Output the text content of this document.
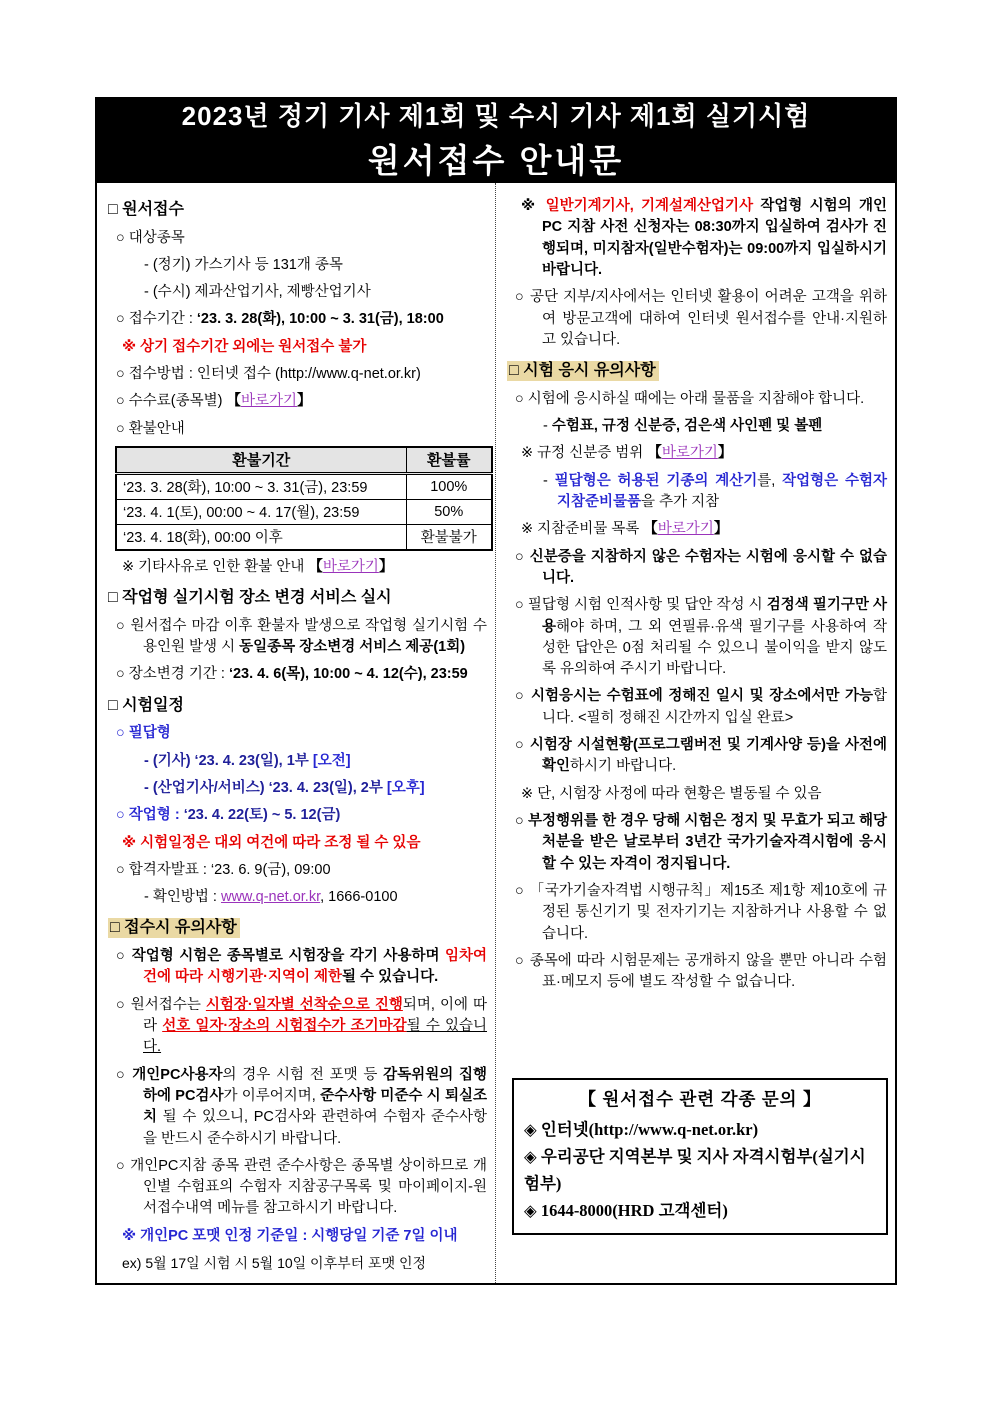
2023년 정기 기사 제1회 및 수시 기사 제1회 실기시험
원서접수 안내문
□ 원서접수
○ 대상종목
- (정기) 가스기사 등 131개 종목
- (수시) 제과산업기사, 제빵산업기사
○ 접수기간 : ‘23. 3. 28(화), 10:00 ~ 3. 31(금), 18:00
※ 상기 접수기간 외에는 원서접수 불가
○ 접수방법 : 인터넷 접수 (http://www.q-net.or.kr)
○ 수수료(종목별) 【바로가기】
○ 환불안내
환불기간	환불률
‘23. 3. 28(화), 10:00 ~ 3. 31(금), 23:59	100%
‘23. 4. 1(토), 00:00 ~ 4. 17(월), 23:59	50%
‘23. 4. 18(화), 00:00 이후	환불불가
※ 기타사유로 인한 환불 안내 【바로가기】
□ 작업형 실기시험 장소 변경 서비스 실시
○ 원서접수 마감 이후 환불자 발생으로 작업형 실기시험 수용인원 발생 시 동일종목 장소변경 서비스 제공(1회)
○ 장소변경 기간 : ‘23. 4. 6(목), 10:00 ~ 4. 12(수), 23:59
□ 시험일정
○ 필답형
- (기사) ‘23. 4. 23(일), 1부 [오전]
- (산업기사/서비스) ‘23. 4. 23(일), 2부 [오후]
○ 작업형 : ‘23. 4. 22(토) ~ 5. 12(금)
※ 시험일정은 대외 여건에 따라 조정 될 수 있음
○ 합격자발표 : ‘23. 6. 9(금), 09:00
- 확인방법 : www.q-net.or.kr, 1666-0100
□ 접수시 유의사항
○ 작업형 시험은 종목별로 시험장을 각기 사용하며 임차여건에 따라 시행기관·지역이 제한될 수 있습니다.
○ 원서접수는 시험장·일자별 선착순으로 진행되며, 이에 따라 선호 일자·장소의 시험접수가 조기마감될 수 있습니다.
○ 개인PC사용자의 경우 시험 전 포맷 등 감독위원의 집행 하에 PC검사가 이루어지며, 준수사항 미준수 시 퇴실조치 될 수 있으니, PC검사와 관련하여 수험자 준수사항을 반드시 준수하시기 바랍니다.
○ 개인PC지참 종목 관련 준수사항은 종목별 상이하므로 개인별 수험표의 수험자 지참공구목록 및 마이페이지-원서접수내역 메뉴를 참고하시기 바랍니다.
※ 개인PC 포맷 인정 기준일 : 시행당일 기준 7일 이내
ex) 5월 17일 시험 시 5월 10일 이후부터 포맷 인정
※ 일반기계기사, 기계설계산업기사 작업형 시험의 개인PC 지참 사전 신청자는 08:30까지 입실하여 검사가 진행되며, 미지참자(일반수험자)는 09:00까지 입실하시기 바랍니다.
○ 공단 지부/지사에서는 인터넷 활용이 어려운 고객을 위하여 방문고객에 대하여 인터넷 원서접수를 안내·지원하고 있습니다.
□ 시험 응시 유의사항
○ 시험에 응시하실 때에는 아래 물품을 지참해야 합니다.
- 수험표, 규정 신분증, 검은색 사인펜 및 볼펜
※ 규정 신분증 범위 【바로가기】
- 필답형은 허용된 기종의 계산기를, 작업형은 수험자 지참준비물품을 추가 지참
※ 지참준비물 목록 【바로가기】
○ 신분증을 지참하지 않은 수험자는 시험에 응시할 수 없습니다.
○ 필답형 시험 인적사항 및 답안 작성 시 검정색 필기구만 사용해야 하며, 그 외 연필류·유색 필기구를 사용하여 작성한 답안은 0점 처리될 수 있으니 불이익을 받지 않도록 유의하여 주시기 바랍니다.
○ 시험응시는 수험표에 정해진 일시 및 장소에서만 가능합니다. <필히 정해진 시간까지 입실 완료>
○ 시험장 시설현황(프로그램버전 및 기계사양 등)을 사전에 확인하시기 바랍니다.
※ 단, 시험장 사정에 따라 현황은 별동될 수 있음
○ 부정행위를 한 경우 당해 시험은 정지 및 무효가 되고 해당 처분을 받은 날로부터 3년간 국가기술자격시험에 응시할 수 있는 자격이 정지됩니다.
○ 「국가기술자격법 시행규칙」제15조 제1항 제10호에 규정된 통신기기 및 전자기기는 지참하거나 사용할 수 없습니다.
○ 종목에 따라 시험문제는 공개하지 않을 뿐만 아니라 수험표·메모지 등에 별도 작성할 수 없습니다.
【 원서접수 관련 각종 문의 】
◈ 인터넷(http://www.q-net.or.kr)
◈ 우리공단 지역본부 및 지사 자격시험부(실기시험부)
◈ 1644-8000(HRD 고객센터)
